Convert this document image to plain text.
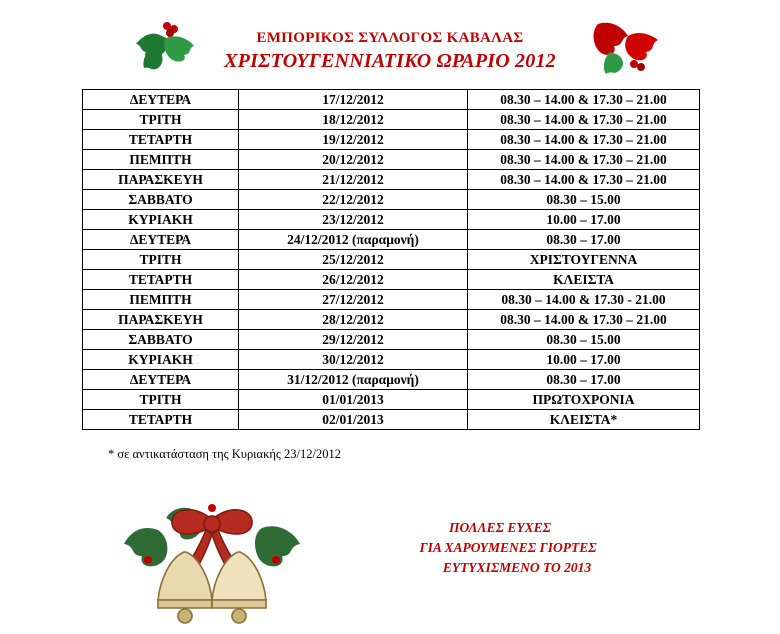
ΕΜΠΟΡΙΚΟΣ ΣΥΛΛΟΓΟΣ ΚΑΒΑΛΑΣ
ΧΡΙΣΤΟΥΓΕΝΝΙΑΤΙΚΟ ΩΡΑΡΙΟ 2012
ΔΕΥΤΕΡΑ	17/12/2012	08.30 – 14.00 & 17.30 – 21.00
ΤΡΙΤΗ	18/12/2012	08.30 – 14.00 & 17.30 – 21.00
ΤΕΤΑΡΤΗ	19/12/2012	08.30 – 14.00 & 17.30 – 21.00
ΠΕΜΠΤΗ	20/12/2012	08.30 – 14.00 & 17.30 – 21.00
ΠΑΡΑΣΚΕΥΗ	21/12/2012	08.30 – 14.00 & 17.30 – 21.00
ΣΑΒΒΑΤΟ	22/12/2012	08.30 – 15.00
ΚΥΡΙΑΚΗ	23/12/2012	10.00 – 17.00
ΔΕΥΤΕΡΑ	24/12/2012 (παραμονή)	08.30 – 17.00
ΤΡΙΤΗ	25/12/2012	ΧΡΙΣΤΟΥΓΕΝΝΑ
ΤΕΤΑΡΤΗ	26/12/2012	ΚΛΕΙΣΤΑ
ΠΕΜΠΤΗ	27/12/2012	08.30 – 14.00 & 17.30 - 21.00
ΠΑΡΑΣΚΕΥΗ	28/12/2012	08.30 – 14.00 & 17.30 – 21.00
ΣΑΒΒΑΤΟ	29/12/2012	08.30 – 15.00
ΚΥΡΙΑΚΗ	30/12/2012	10.00 – 17.00
ΔΕΥΤΕΡΑ	31/12/2012 (παραμονή)	08.30 – 17.00
ΤΡΙΤΗ	01/01/2013	ΠΡΩΤΟΧΡΟΝΙΑ
ΤΕΤΑΡΤΗ	02/01/2013	ΚΛΕΙΣΤΑ*
* σε αντικατάσταση της Κυριακής 23/12/2012
ΠΟΛΛΕΣ ΕΥΧΕΣ
ΓΙΑ ΧΑΡΟΥΜΕΝΕΣ ΓΙΟΡΤΕΣ
ΕΥΤΥΧΙΣΜΕΝΟ ΤΟ 2013
